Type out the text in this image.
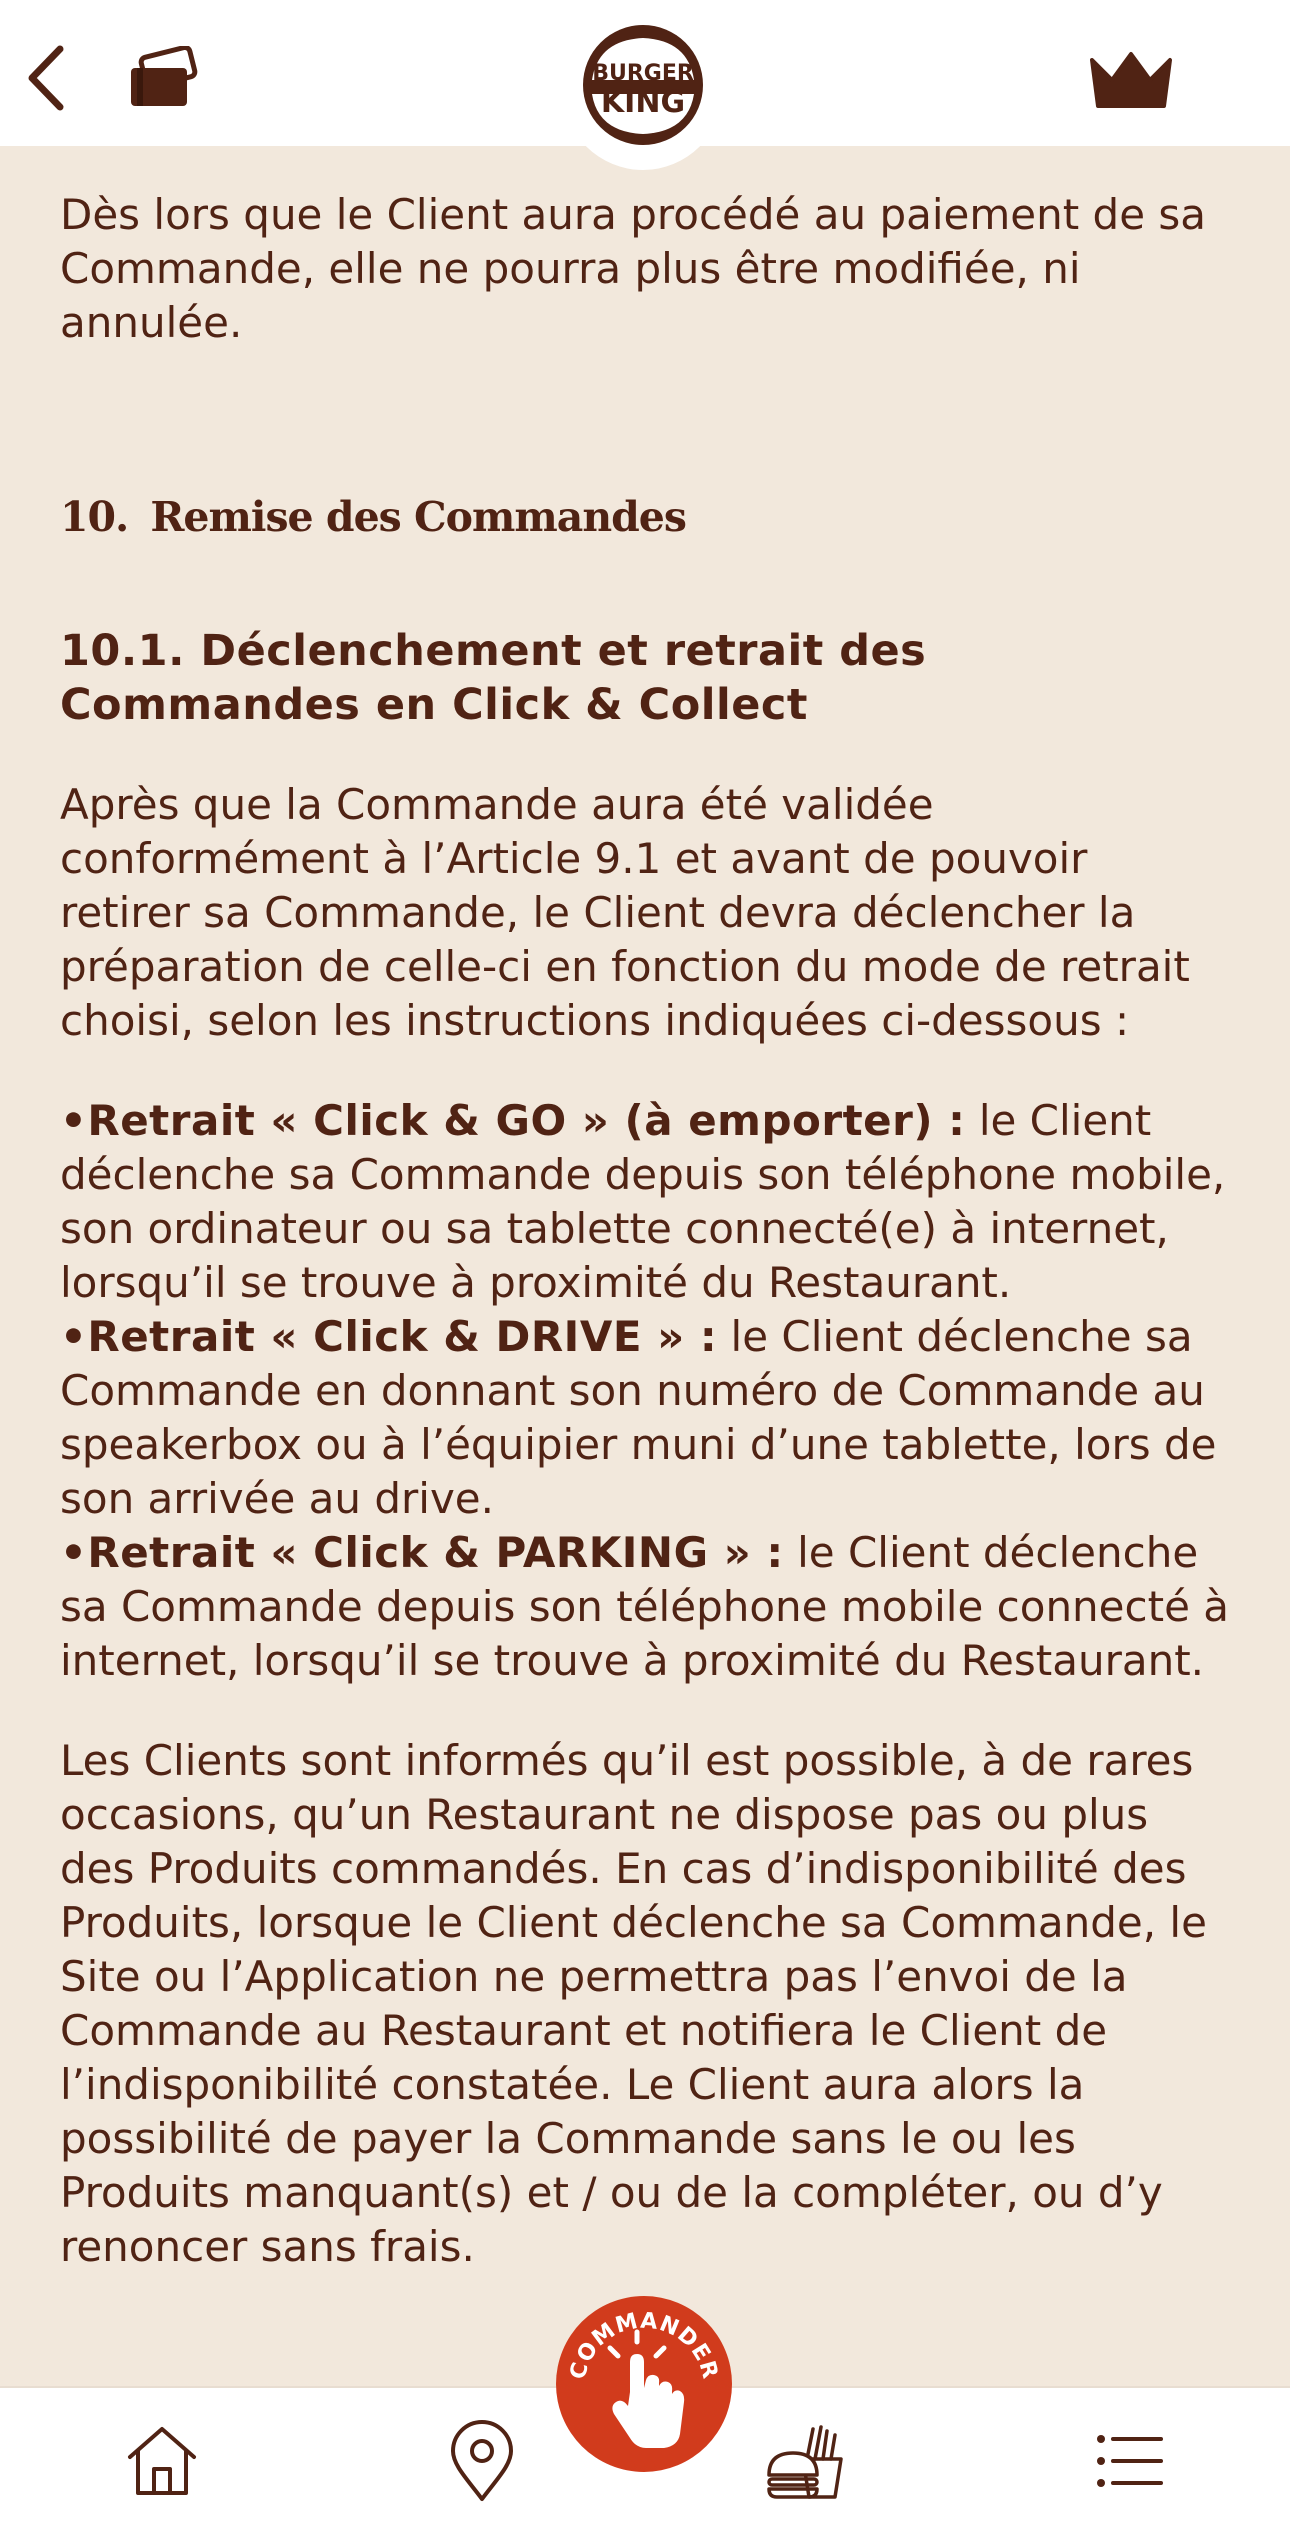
BURGER
KING

Dès lors que le Client aura procédé au paiement de sa Commande, elle ne pourra plus être modifiée, ni annulée.

10. Remise des Commandes
10.1. Déclenchement et retrait des Commandes en Click & Collect

Après que la Commande aura été validée conformément à l’Article 9.1 et avant de pouvoir retirer sa Commande, le Client devra déclencher la préparation de celle-ci en fonction du mode de retrait choisi, selon les instructions indiquées ci-dessous :

•Retrait « Click & GO » (à emporter) : le Client déclenche sa Commande depuis son téléphone mobile, son ordinateur ou sa tablette connecté(e) à internet, lorsqu’il se trouve à proximité du Restaurant.
•Retrait « Click & DRIVE » : le Client déclenche sa Commande en donnant son numéro de Commande au speakerbox ou à l’équipier muni d’une tablette, lors de son arrivée au drive.
•Retrait « Click & PARKING » : le Client déclenche sa Commande depuis son téléphone mobile connecté à internet, lorsqu’il se trouve à proximité du Restaurant.

Les Clients sont informés qu’il est possible, à de rares occasions, qu’un Restaurant ne dispose pas ou plus des Produits commandés. En cas d’indisponibilité des Produits, lorsque le Client déclenche sa Commande, le Site ou l’Application ne permettra pas l’envoi de la Commande au Restaurant et notifiera le Client de l’indisponibilité constatée. Le Client aura alors la possibilité de payer la Commande sans le ou les Produits manquant(s) et / ou de la compléter, ou d’y renoncer sans frais.

COMMANDER
